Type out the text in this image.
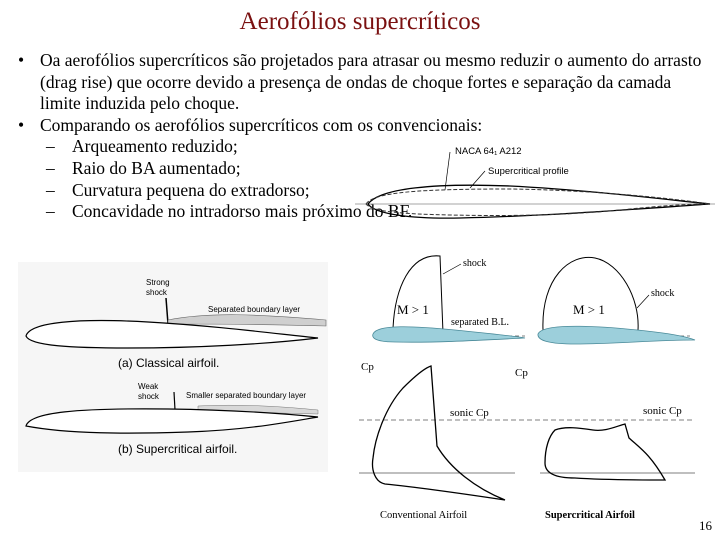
Aerofólios supercríticos
• Oa aerofólios supercríticos são projetados para atrasar ou mesmo reduzir o aumento do arrasto (drag rise) que ocorre devido a presença de ondas de choque fortes e separação da camada limite induzida pelo choque.
• Comparando os aerofólios supercríticos com os convencionais:
– Arqueamento reduzido;
– Raio do BA aumentado;
– Curvatura pequena do extradorso;
– Concavidade no intradorso mais próximo do BF.
NACA 64₁ A212
Supercritical profile
Strong
shock
Separated boundary layer
(a) Classical airfoil.
Weak
shock	Smaller separated boundary layer
(b) Supercritical airfoil.
shock
shock
M > 1	M > 1
separated B.L.
Cp	Cp
sonic Cp	sonic Cp
Conventional Airfoil	Supercritical Airfoil
16
